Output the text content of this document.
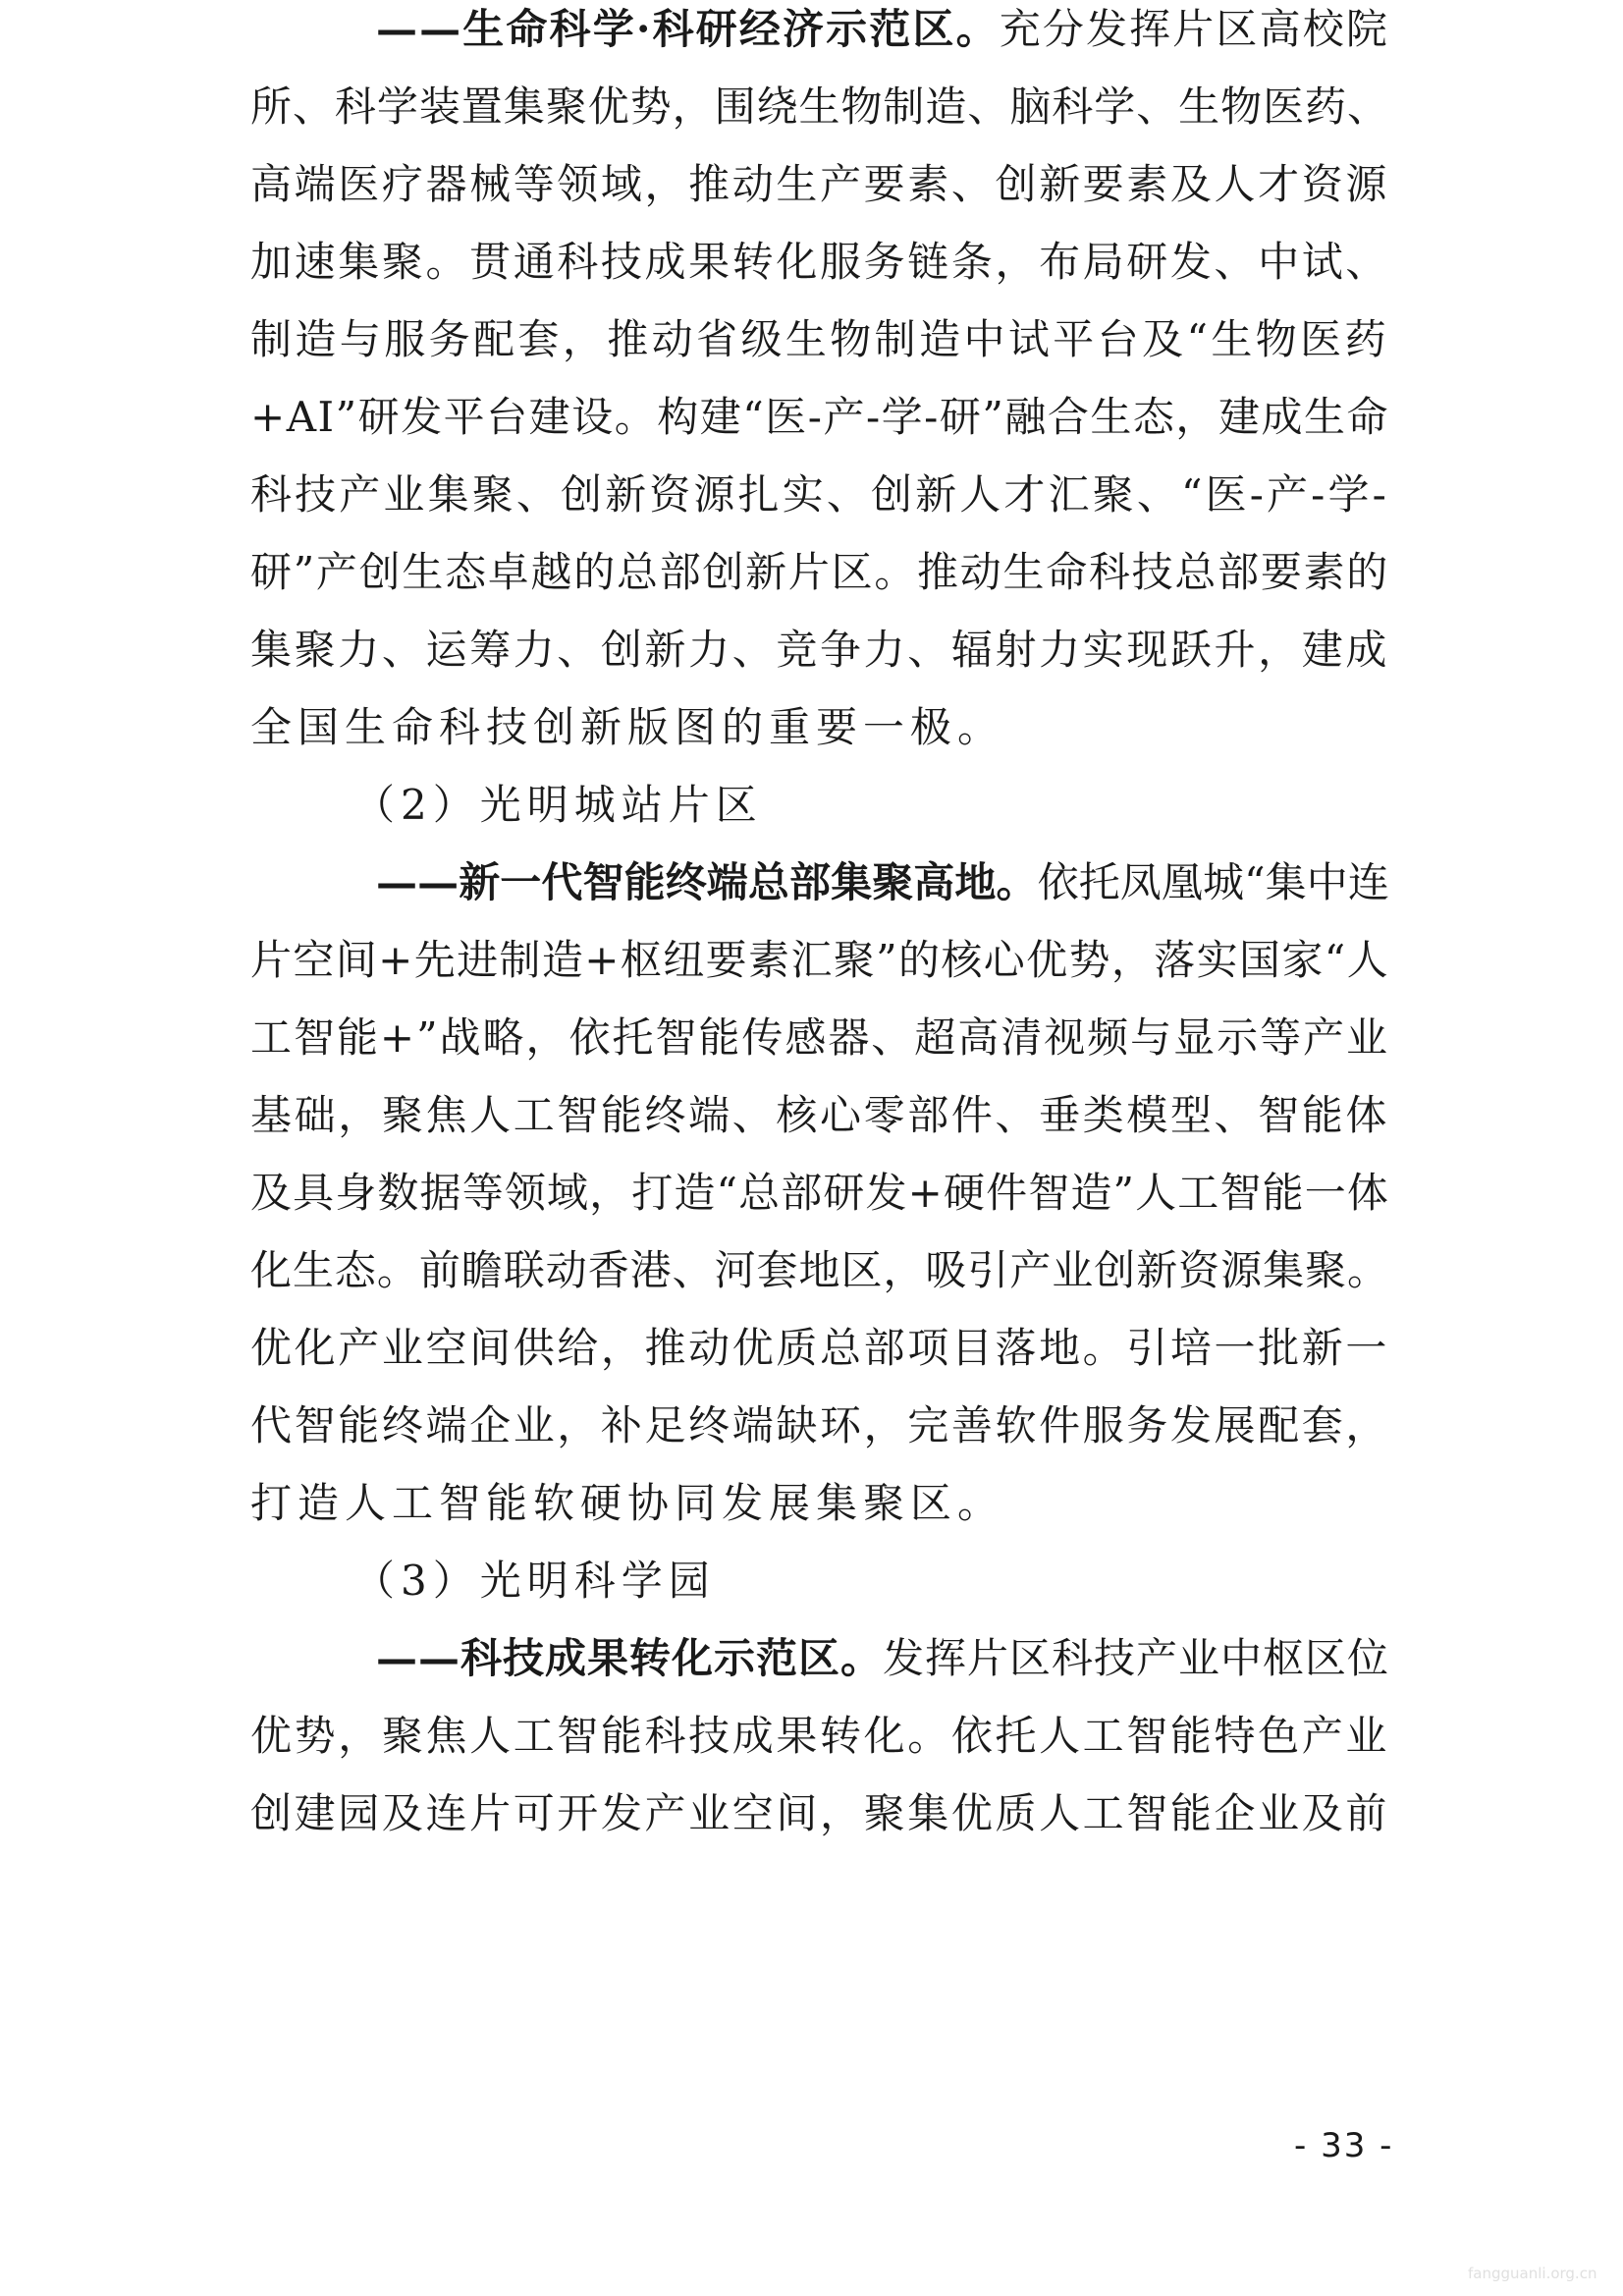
——生命科学·科研经济示范区。充分发挥片区高校院
所、科学装置集聚优势，围绕生物制造、脑科学、生物医药、
高端医疗器械等领域，推动生产要素、创新要素及人才资源
加速集聚。贯通科技成果转化服务链条，布局研发、中试、
制造与服务配套，推动省级生物制造中试平台及“生物医药
+AI”研发平台建设。构建“医-产-学-研”融合生态，建成生命
科技产业集聚、创新资源扎实、创新人才汇聚、“医-产-学-
研”产创生态卓越的总部创新片区。推动生命科技总部要素的
集聚力、运筹力、创新力、竞争力、辐射力实现跃升，建成
全国生命科技创新版图的重要一极。
（2）光明城站片区
——新一代智能终端总部集聚高地。依托凤凰城“集中连
片空间+先进制造+枢纽要素汇聚”的核心优势，落实国家“人
工智能+”战略，依托智能传感器、超高清视频与显示等产业
基础，聚焦人工智能终端、核心零部件、垂类模型、智能体
及具身数据等领域，打造“总部研发+硬件智造”人工智能一体
化生态。前瞻联动香港、河套地区，吸引产业创新资源集聚。
优化产业空间供给，推动优质总部项目落地。引培一批新一
代智能终端企业，补足终端缺环，完善软件服务发展配套，
打造人工智能软硬协同发展集聚区。
（3）光明科学园
——科技成果转化示范区。发挥片区科技产业中枢区位
优势，聚焦人工智能科技成果转化。依托人工智能特色产业
创建园及连片可开发产业空间，聚集优质人工智能企业及前
- 33 -
fangguanli.org.cn
